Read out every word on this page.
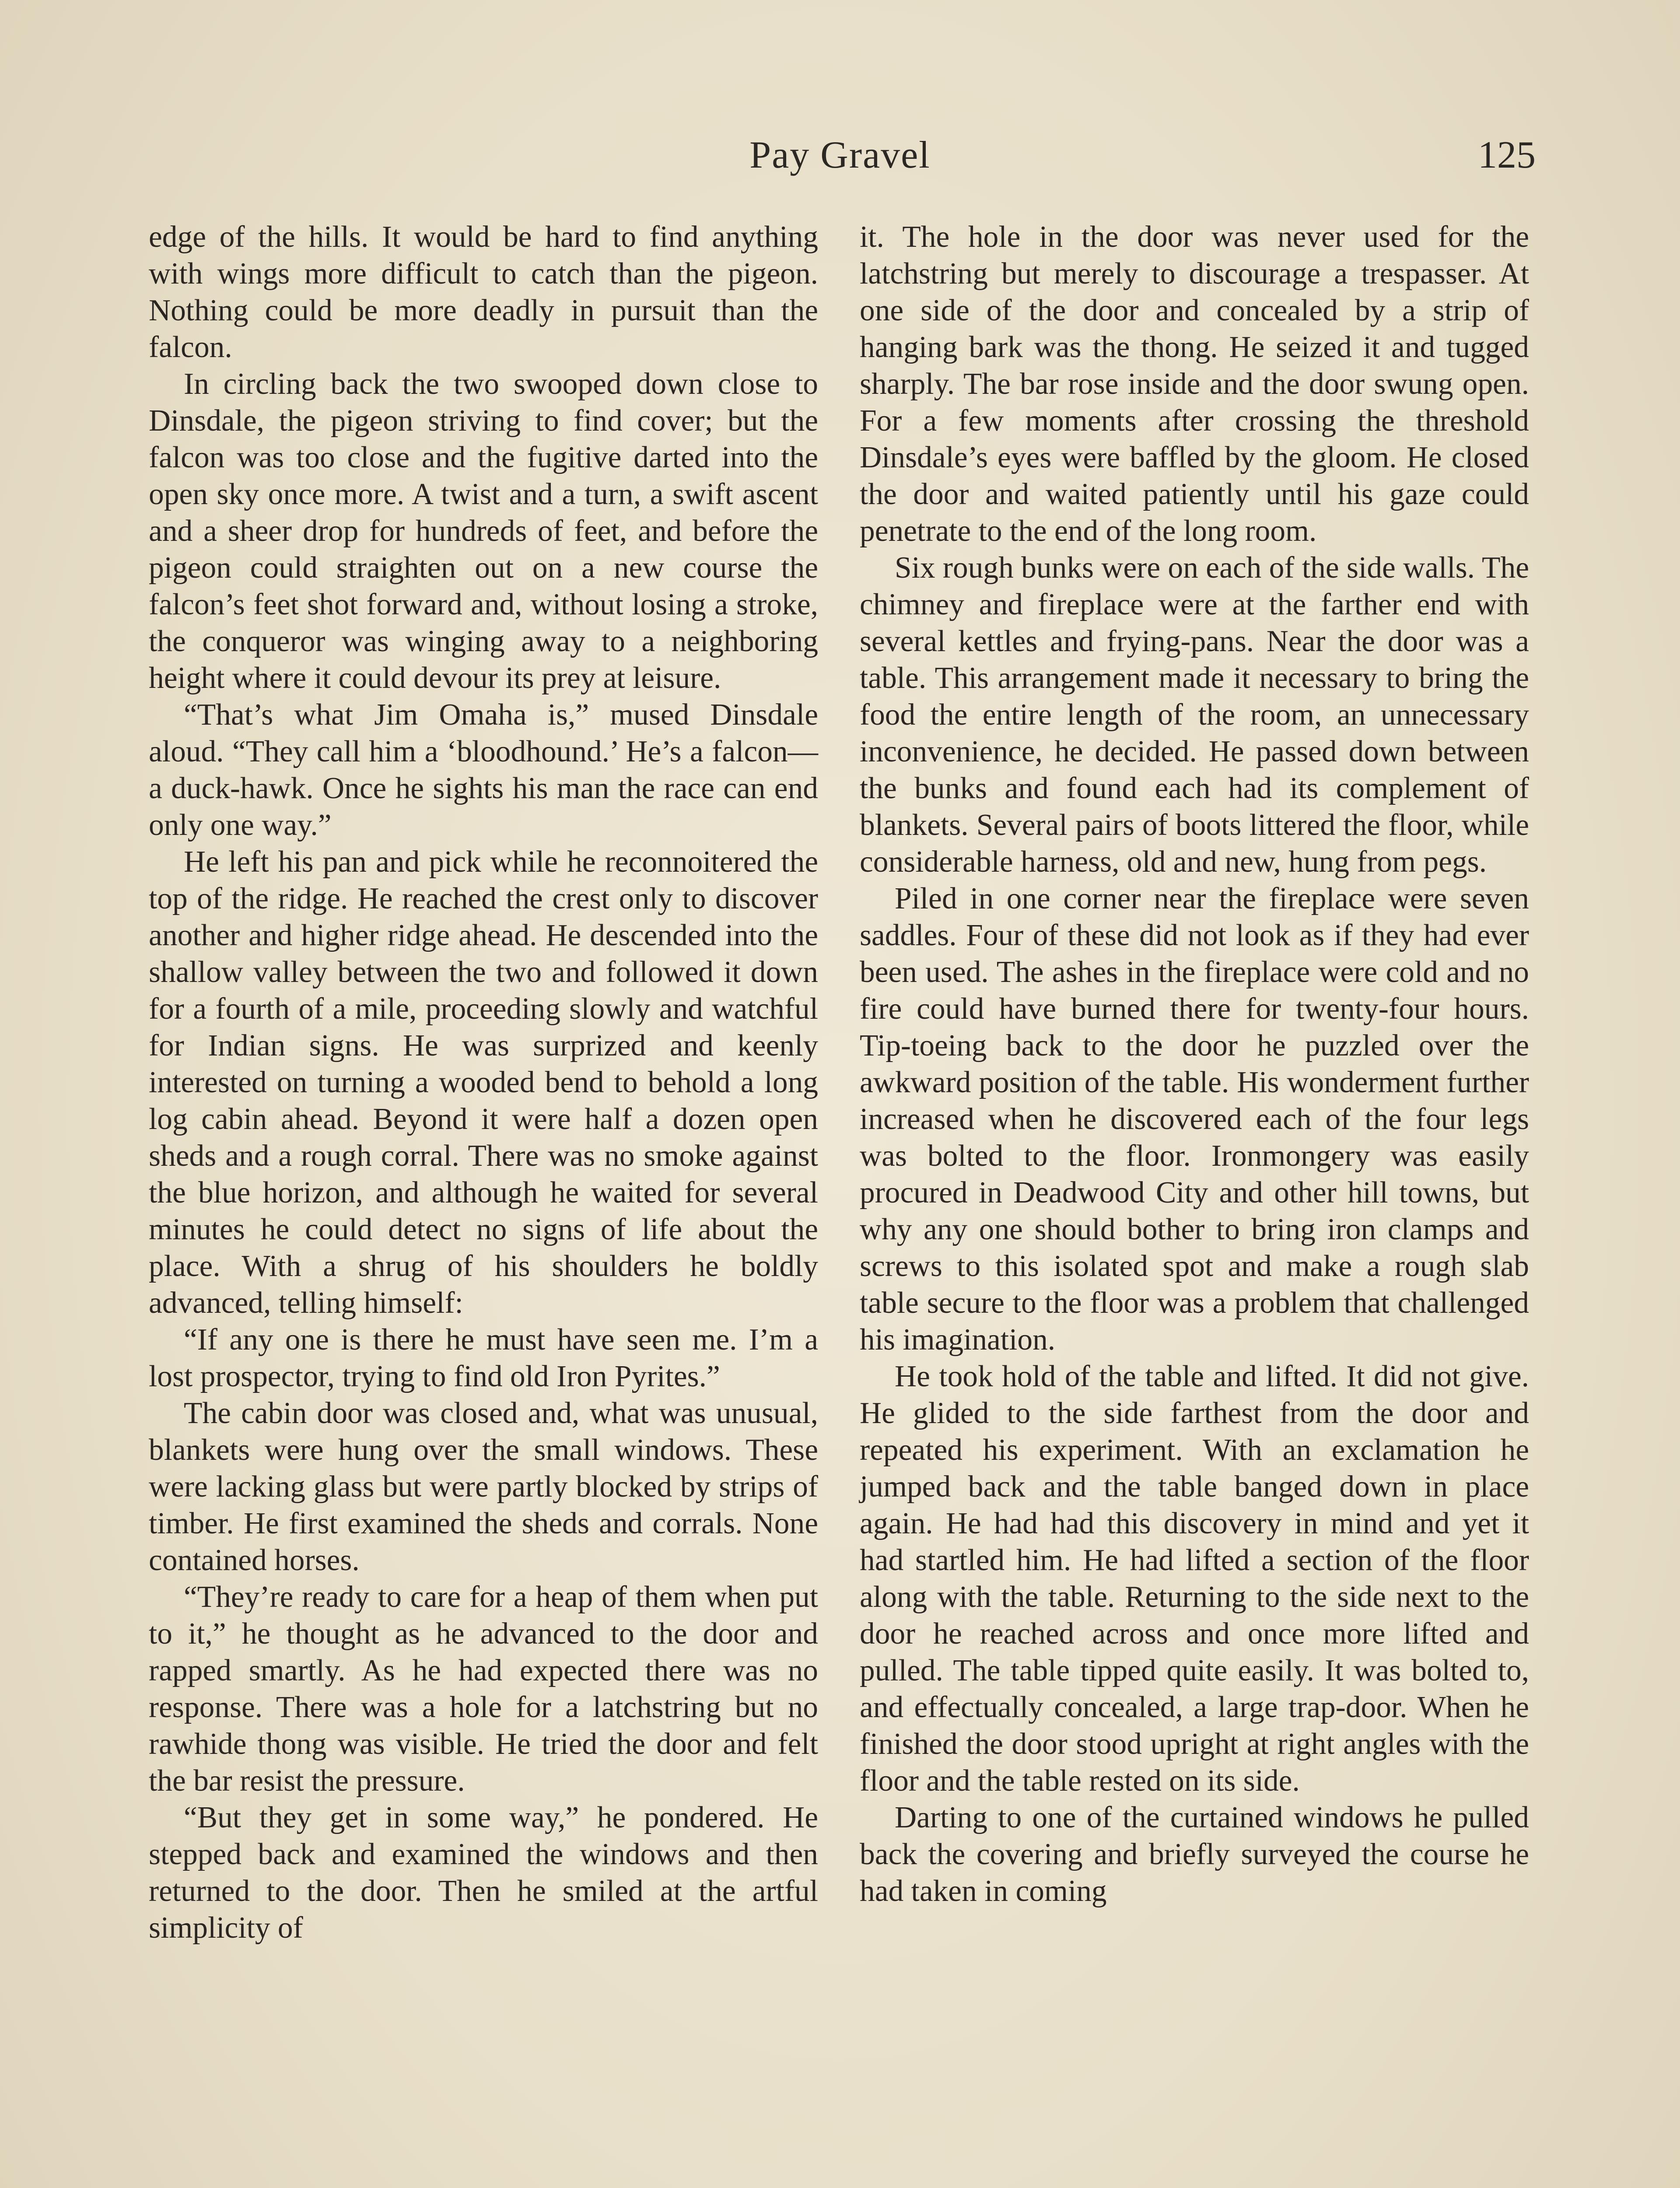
Pay Gravel	125

edge of the hills. It would be hard to find anything with wings more difficult to catch than the pigeon. Nothing could be more deadly in pursuit than the falcon.

In circling back the two swooped down close to Dinsdale, the pigeon striving to find cover; but the falcon was too close and the fugitive darted into the open sky once more. A twist and a turn, a swift ascent and a sheer drop for hundreds of feet, and before the pigeon could straighten out on a new course the falcon’s feet shot forward and, without losing a stroke, the conqueror was winging away to a neighboring height where it could devour its prey at leisure.

“That’s what Jim Omaha is,” mused Dinsdale aloud. “They call him a ‘bloodhound.’ He’s a falcon—a duck-hawk. Once he sights his man the race can end only one way.”

He left his pan and pick while he reconnoitered the top of the ridge. He reached the crest only to discover another and higher ridge ahead. He descended into the shallow valley between the two and followed it down for a fourth of a mile, proceeding slowly and watchful for Indian signs. He was surprized and keenly interested on turning a wooded bend to behold a long log cabin ahead. Beyond it were half a dozen open sheds and a rough corral. There was no smoke against the blue horizon, and although he waited for several minutes he could detect no signs of life about the place. With a shrug of his shoulders he boldly advanced, telling himself:

“If any one is there he must have seen me. I’m a lost prospector, trying to find old Iron Pyrites.”

The cabin door was closed and, what was unusual, blankets were hung over the small windows. These were lacking glass but were partly blocked by strips of timber. He first examined the sheds and corrals. None contained horses.

“They’re ready to care for a heap of them when put to it,” he thought as he advanced to the door and rapped smartly. As he had expected there was no response. There was a hole for a latchstring but no rawhide thong was visible. He tried the door and felt the bar resist the pressure.

“But they get in some way,” he pondered. He stepped back and examined the windows and then returned to the door. Then he smiled at the artful simplicity of

it. The hole in the door was never used for the latchstring but merely to discourage a trespasser. At one side of the door and concealed by a strip of hanging bark was the thong. He seized it and tugged sharply. The bar rose inside and the door swung open. For a few moments after crossing the threshold Dinsdale’s eyes were baffled by the gloom. He closed the door and waited patiently until his gaze could penetrate to the end of the long room.

Six rough bunks were on each of the side walls. The chimney and fireplace were at the farther end with several kettles and frying-pans. Near the door was a table. This arrangement made it necessary to bring the food the entire length of the room, an unnecessary inconvenience, he decided. He passed down between the bunks and found each had its complement of blankets. Several pairs of boots littered the floor, while considerable harness, old and new, hung from pegs.

Piled in one corner near the fireplace were seven saddles. Four of these did not look as if they had ever been used. The ashes in the fireplace were cold and no fire could have burned there for twenty-four hours. Tip-toeing back to the door he puzzled over the awkward position of the table. His wonderment further increased when he discovered each of the four legs was bolted to the floor. Ironmongery was easily procured in Deadwood City and other hill towns, but why any one should bother to bring iron clamps and screws to this isolated spot and make a rough slab table secure to the floor was a problem that challenged his imagination.

He took hold of the table and lifted. It did not give. He glided to the side farthest from the door and repeated his experiment. With an exclamation he jumped back and the table banged down in place again. He had had this discovery in mind and yet it had startled him. He had lifted a section of the floor along with the table. Returning to the side next to the door he reached across and once more lifted and pulled. The table tipped quite easily. It was bolted to, and effectually concealed, a large trap-door. When he finished the door stood upright at right angles with the floor and the table rested on its side.

Darting to one of the curtained windows he pulled back the covering and briefly surveyed the course he had taken in coming
